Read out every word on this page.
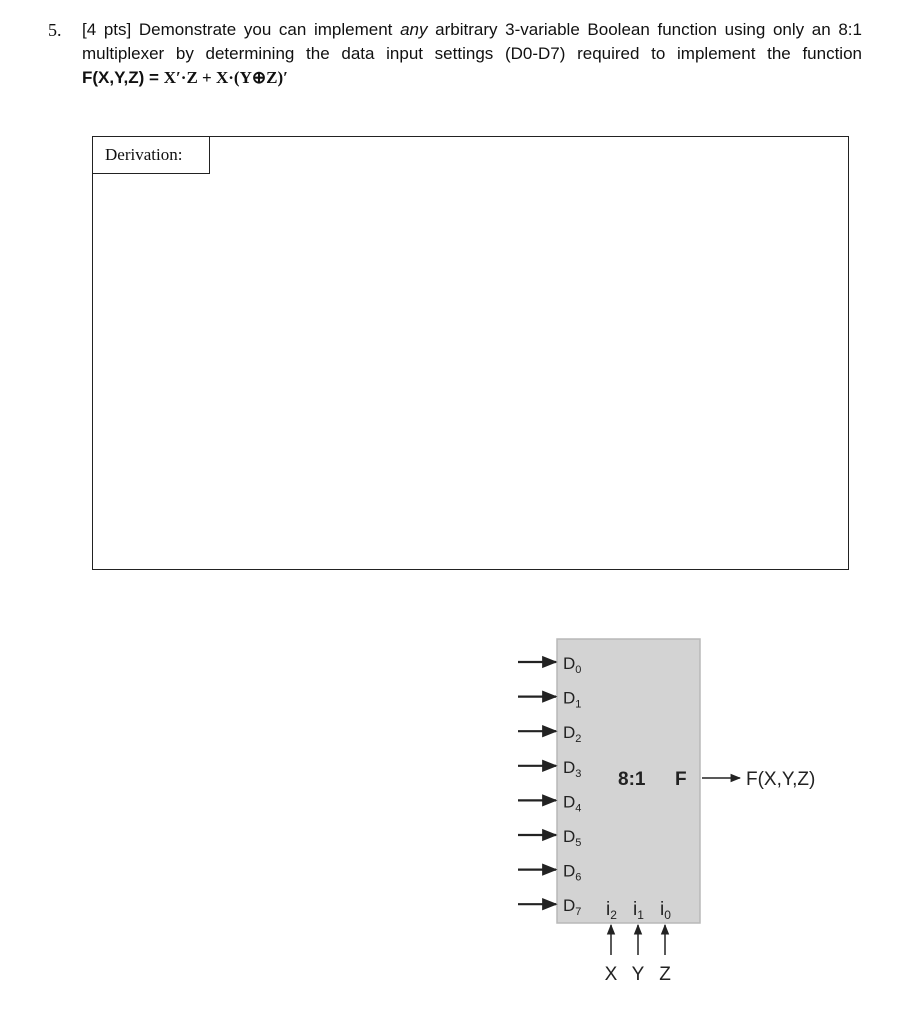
5. [4 pts] Demonstrate you can implement any arbitrary 3-variable Boolean function using only an 8:1
multiplexer by determining the data input settings (D0-D7) required to implement the function
F(X,Y,Z) = X′·Z + X·(Y⊕Z)′
Derivation:
8:1 F	F(X,Y,Z)
$D_0$
$D_1$
$D_2$
$D_3$
$D_4$
$D_5$
$D_6$
$D_7$ $i_2$
X
$i_1$
Y
$i_0$
Z
